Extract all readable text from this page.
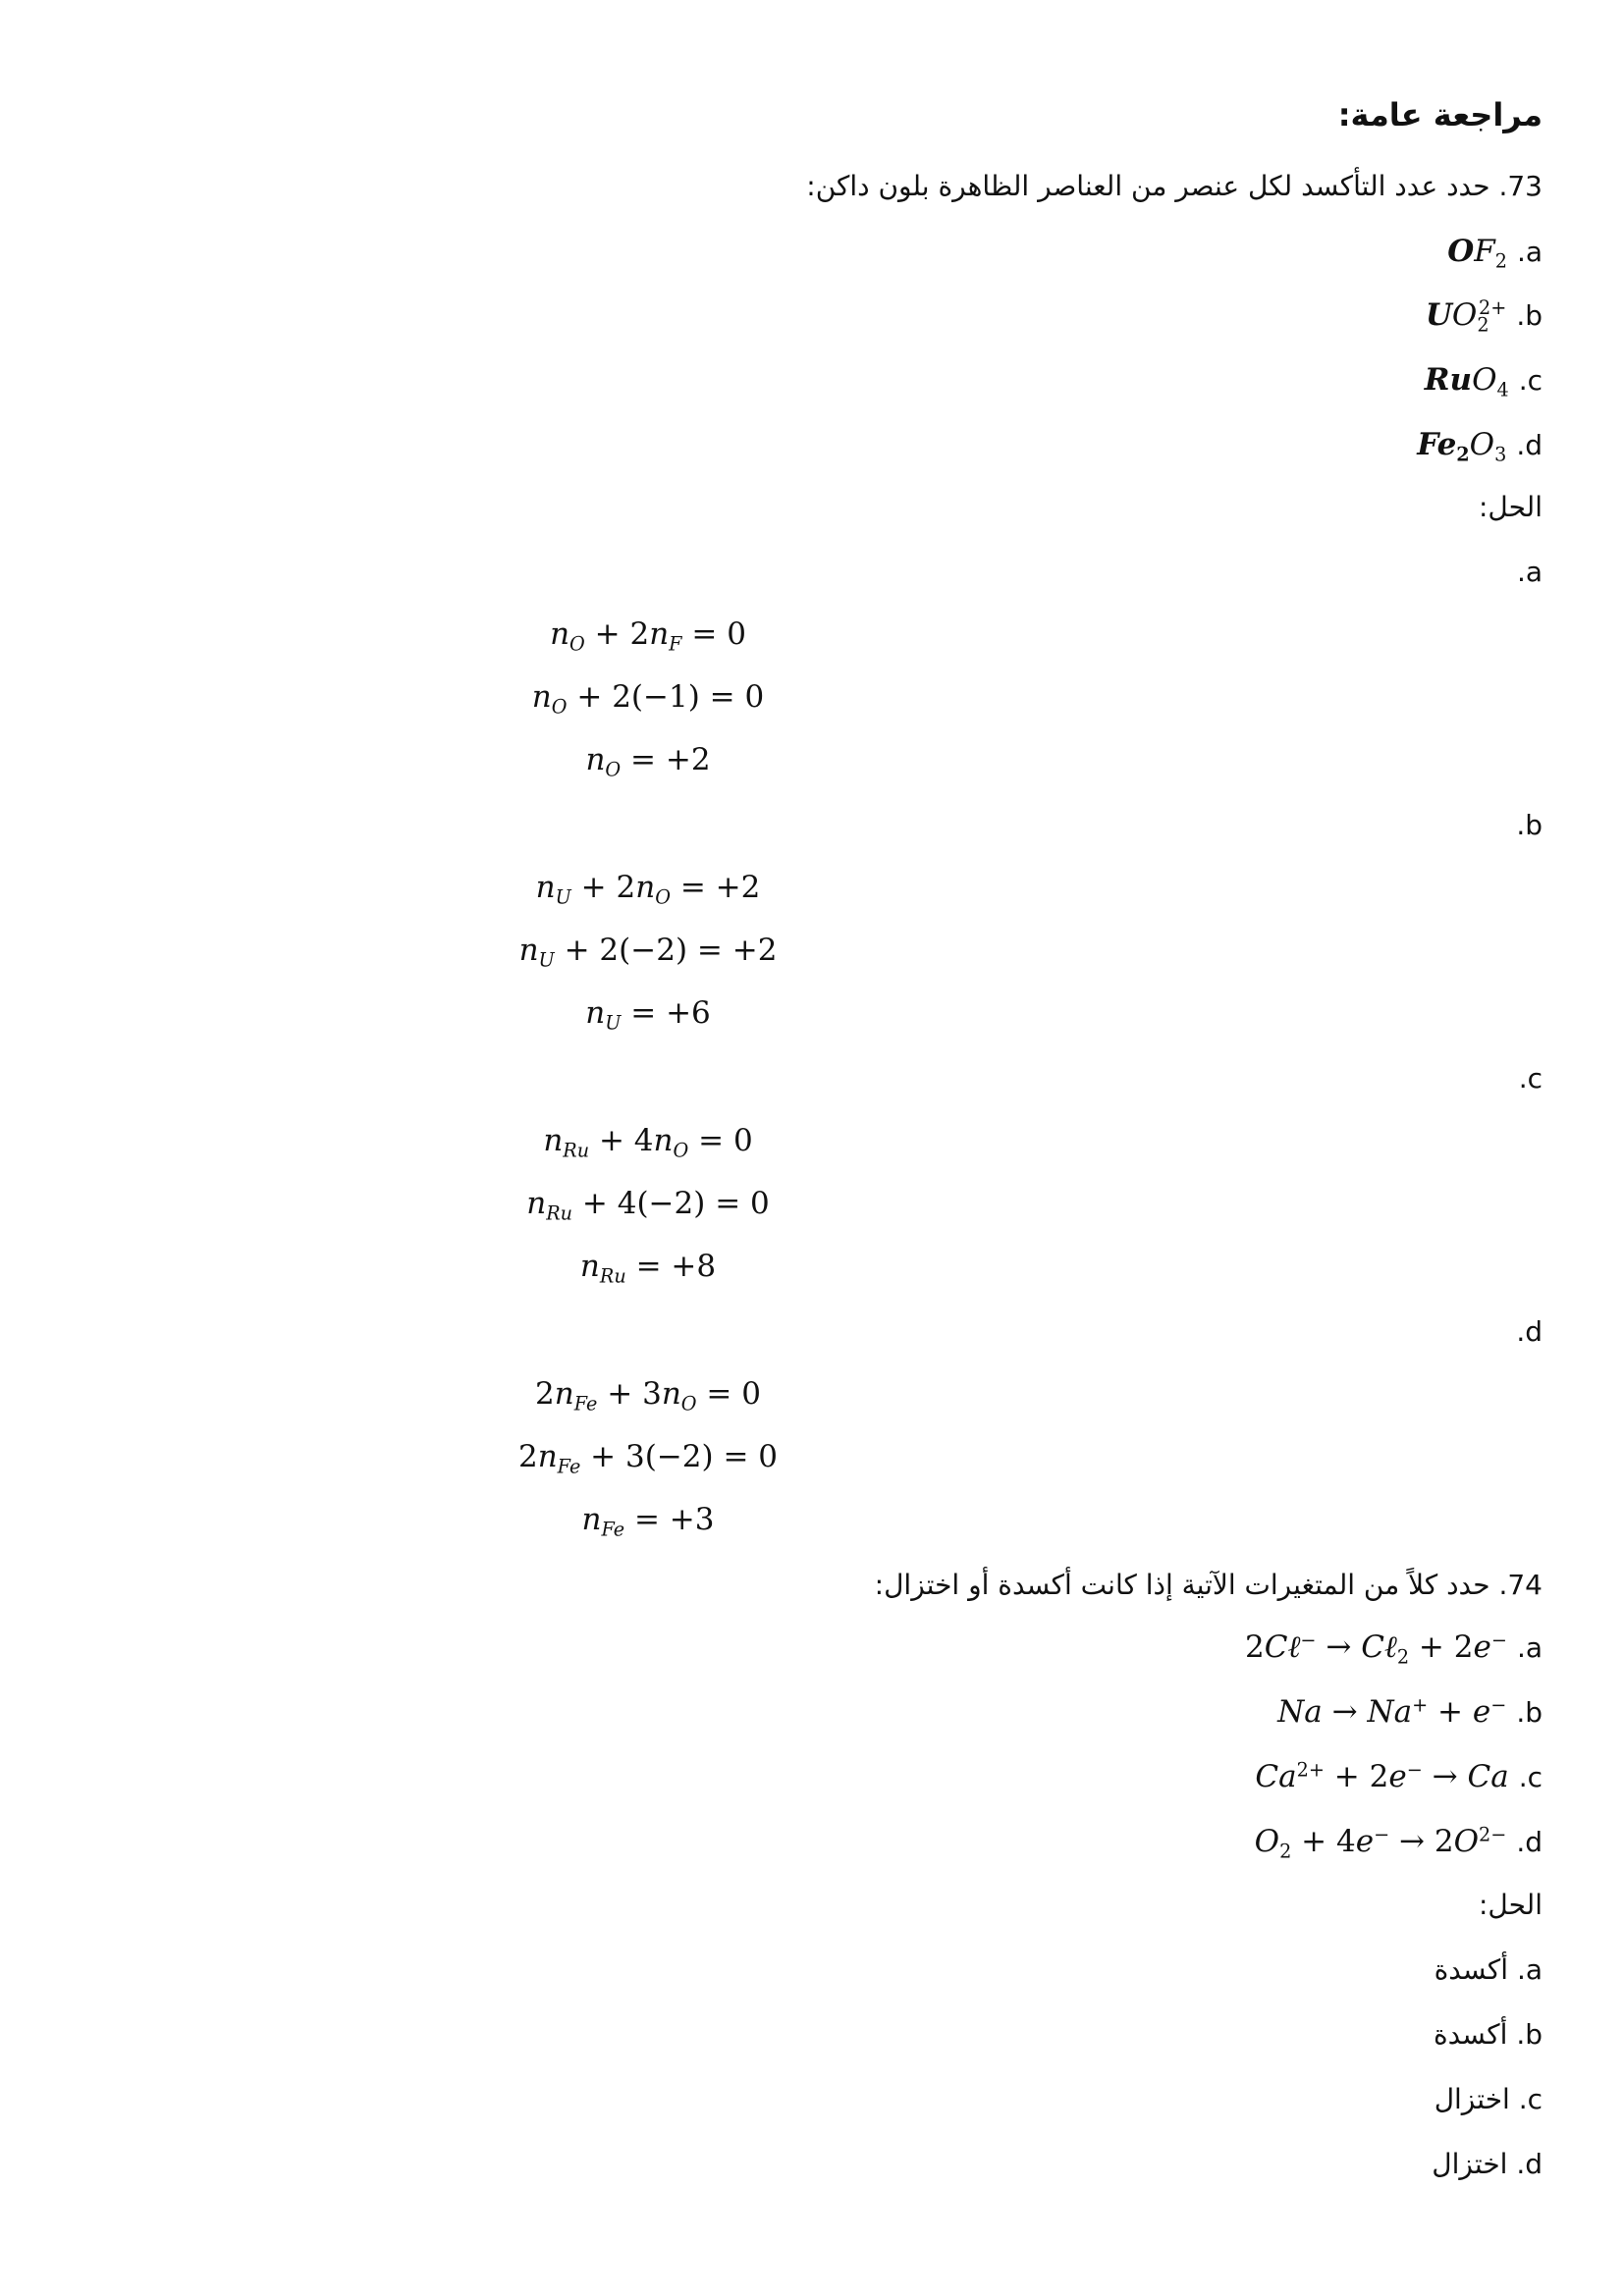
مراجعة عامة:
73. حدد عدد التأكسد لكل عنصر من العناصر الظاهرة بلون داكن:
$OF_2$ .a
$UO_2^{2+}$ .b
RuO$_4$ .c
$Fe_2O_3$ .d
الحل:
.a
$n_O + 2n_F = 0$
$n_O + 2(-1) = 0$
$n_O = +2$
.b
$n_U + 2n_O = +2$
$n_U + 2(-2) = +2$
$n_U = +6$
.c
$n_{Ru} + 4n_O = 0$
$n_{Ru} + 4(-2) = 0$
$n_{Ru} = +8$
.d
$2n_{Fe} + 3n_O = 0$
$2n_{Fe} + 3(-2) = 0$
$n_{Fe} = +3$
74. حدد كلاً من المتغيرات الآتية إذا كانت أكسدة أو اختزال:
2Cℓ− → Cℓ$_2$ + 2e− .a
Na → Na+ + e− .b
$Ca^{2+} + 2e^- \to Ca$ .c
$O_2 + 4e^- \to 2O^{2-}$ .d
الحل:
أكسدة .a
أكسدة .b
اختزال .c
اختزال .d
